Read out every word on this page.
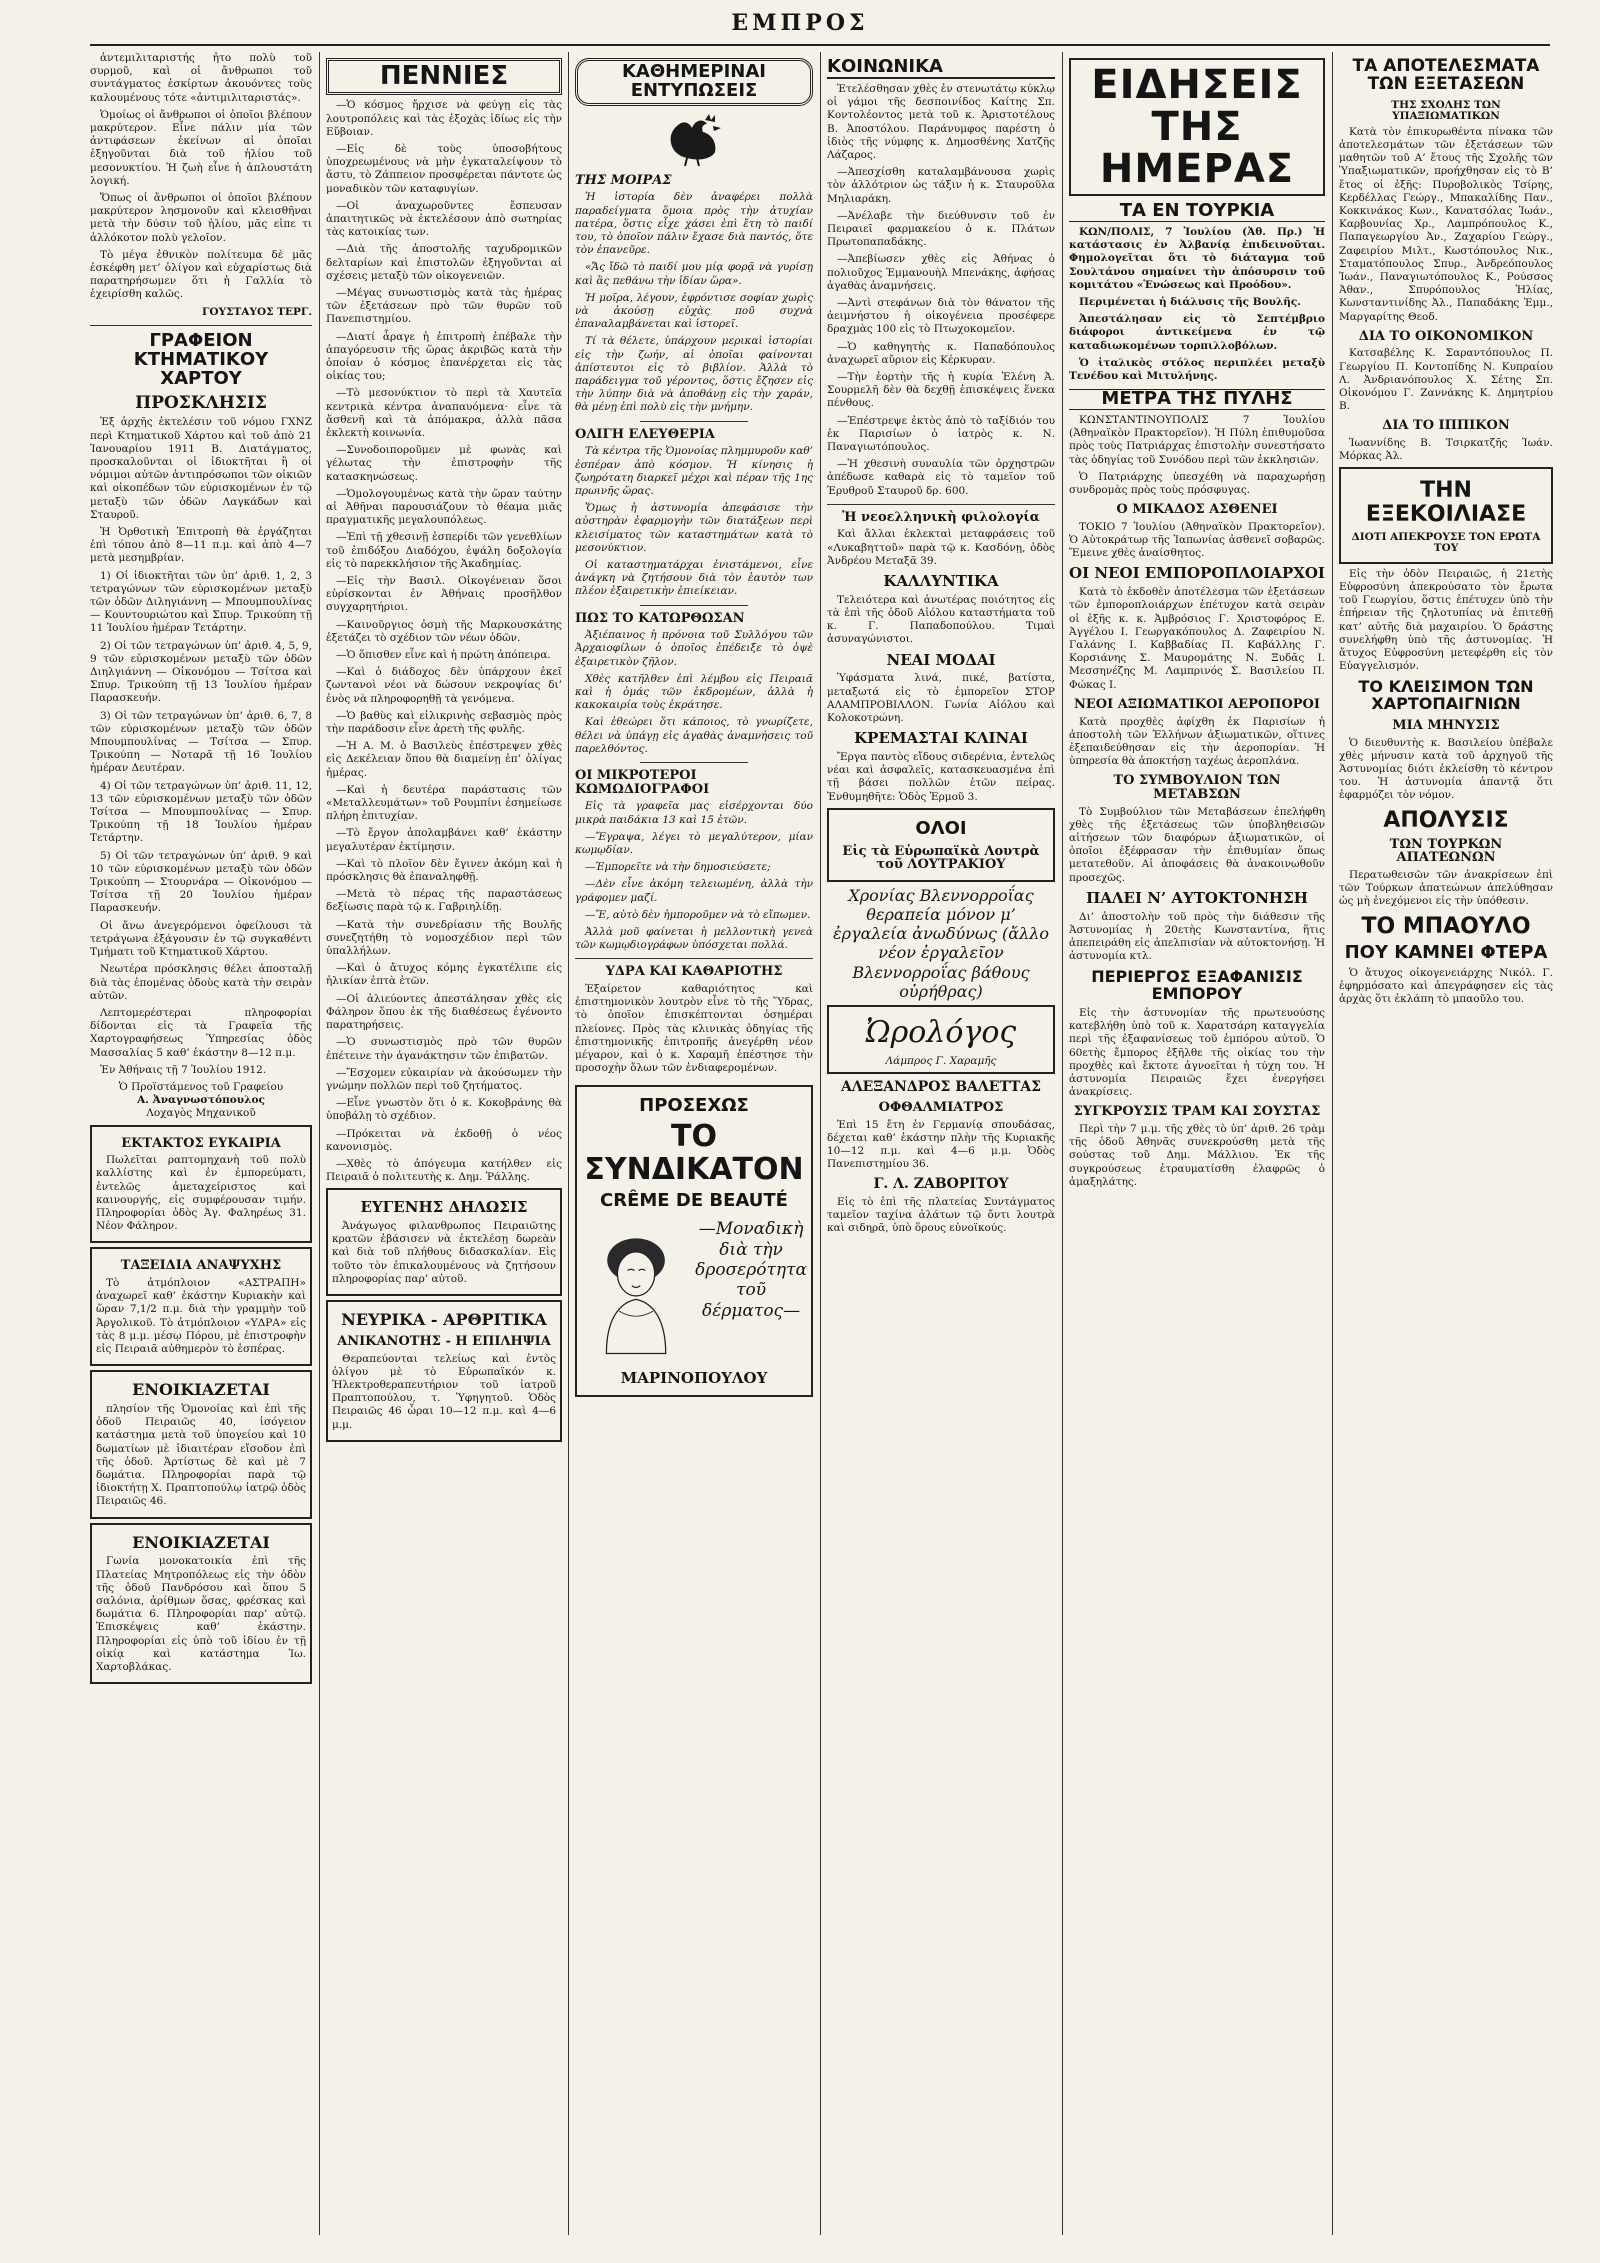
ΕΜΠΡΟΣ

ἀντεμιλιταριστής ἦτο πολὺ τοῦ συρμοῦ, καὶ οἱ ἄνθρωποι τοῦ συντάγματος ἐσκίρτων ἀκουόντες τοὺς καλουμένους τότε «ἀντιμιλιταριστάς».

Ὁμοίως οἱ ἄνθρωποι οἱ ὁποῖοι βλέπουν μακρύτερον. Εἶνε πάλιν μία τῶν ἀντιφάσεων ἐκείνων αἱ ὁποῖαι ἐξηγοῦνται διὰ τοῦ ἡλίου τοῦ μεσονυκτίου. Ἡ ζωὴ εἶνε ἡ ἀπλουστάτη λογική.

Ὅπως οἱ ἄνθρωποι οἱ ὁποῖοι βλέπουν μακρύτερον λησμονοῦν καὶ κλεισθῆναι μετὰ τὴν δύσιν τοῦ ἡλίου, μᾶς εἰπε τι ἀλλόκοτον πολὺ γελοῖον.

Τὸ μέγα ἐθνικὸν πολίτευμα δὲ μᾶς ἐσκέφθη μετ’ ὀλίγον καὶ εὐχαρίστως διὰ παρατηρήσωμεν ὅτι ἡ Γαλλία τὸ ἐχειρίσθη καλῶς.

ΓΟΥΣΤΑΥΟΣ ΤΕΡΓ.
ΓΡΑΦΕΙΟΝ ΚΤΗΜΑΤΙΚΟΥ ΧΑΡΤΟΥ
ΠΡΟΣΚΛΗΣΙΣ

Ἐξ ἀρχῆς ἐκτελέσιν τοῦ νόμου ΓΧΝΖ περὶ Κτηματικοῦ Χάρτου καὶ τοῦ ἀπὸ 21 Ἰανουαρίου 1911 Β. Διατάγματος, προσκαλοῦνται οἱ ἰδιοκτῆται ἢ οἱ νόμιμοι αὐτῶν ἀντιπρόσωποι τῶν οἰκιῶν καὶ οἰκοπέδων τῶν εὑρισκομένων ἐν τῷ μεταξὺ τῶν ὁδῶν Λαγκάδων καὶ Σταυροῦ.

Ἡ Ὀρθοτικὴ Ἐπιτροπὴ θὰ ἐργάζηται ἐπὶ τόπου ἀπὸ 8—11 π.μ. καὶ ἀπὸ 4—7 μετὰ μεσημβρίαν.

1) Οἱ ἰδιοκτῆται τῶν ὑπ’ ἀριθ. 1, 2, 3 τετραγώνων τῶν εὑρισκομένων μεταξὺ τῶν ὁδῶν Διληγιάννη — Μπουμπουλίνας — Κουντουριώτου καὶ Σπυρ. Τρικούπη τῇ 11 Ἰουλίου ἡμέραν Τετάρτην.

2) Οἱ τῶν τετραγώνων ὑπ’ ἀριθ. 4, 5, 9, 9 τῶν εὑρισκομένων μεταξὺ τῶν ὁδῶν Διηλγιάννη — Οἰκονόμου — Τσίτσα καὶ Σπυρ. Τρικούπη τῇ 13 Ἰουλίου ἡμέραν Παρασκευήν.

3) Οἱ τῶν τετραγώνων ὑπ’ ἀριθ. 6, 7, 8 τῶν εὑρισκομένων μεταξὺ τῶν ὁδῶν Μπουμπουλίνας — Τσίτσα — Σπυρ. Τρικούπη — Νοταρᾶ τῇ 16 Ἰουλίου ἡμέραν Δευτέραν.

4) Οἱ τῶν τετραγώνων ὑπ’ ἀριθ. 11, 12, 13 τῶν εὑρισκομένων μεταξὺ τῶν ὁδῶν Τσίτσα — Μπουμπουλίνας — Σπυρ. Τρικούπη τῇ 18 Ἰουλίου ἡμέραν Τετάρτην.

5) Οἱ τῶν τετραγώνων ὑπ’ ἀριθ. 9 καὶ 10 τῶν εὑρισκομένων μεταξὺ τῶν ὁδῶν Τρικούπη — Στουρνάρα — Οἰκονόμου — Τσίτσα τῇ 20 Ἰουλίου ἡμέραν Παρασκευήν.

Οἱ ἄνω ἀνεγερόμενοι ὀφείλουσι τὰ τετράγωνα ἐξάγουσιν ἐν τῷ συγκαθέντι Τμήματι τοῦ Κτηματικοῦ Χάρτου.

Νεωτέρα πρόσκλησις θέλει ἀποσταλῇ διὰ τὰς ἐπομένας ὁδοὺς κατὰ τὴν σειρὰν αὐτῶν.

Λεπτομερέστεραι πληροφορίαι δίδονται εἰς τὰ Γραφεῖα τῆς Χαρτογραφήσεως Ὑπηρεσίας ὁδὸς Μασσαλίας 5 καθ’ ἑκάστην 8—12 π.μ.

Ἐν Ἀθήναις τῇ 7 Ἰουλίου 1912.

Ὁ Προϊστάμενος τοῦ Γραφείου
Α. Ἀναγνωστόπουλος
Λοχαγὸς Μηχανικοῦ
ΕΚΤΑΚΤΟΣ ΕΥΚΑΙΡΙΑ

Πωλεῖται ραπτομηχανὴ τοῦ πολὺ καλλίστης καὶ ἐν ἐμπορεύματι, ἐντελῶς ἀμεταχείριστος καὶ καινουργής, εἰς συμφέρουσαν τιμήν. Πληροφορίαι ὁδὸς Ἀγ. Φαληρέως 31. Νέον Φάληρον.

ΤΑΞΕΙΔΙΑ ΑΝΑΨΥΧΗΣ

Τὸ ἀτμόπλοιον «ΑΣΤΡΑΠΗ» ἀναχωρεῖ καθ’ ἑκάστην Κυριακὴν καὶ ὥραν 7,1/2 π.μ. διὰ τὴν γραμμὴν τοῦ Ἀργολικοῦ. Τὸ ἀτμόπλοιον «ΥΔΡΑ» εἰς τὰς 8 μ.μ. μέσῳ Πόρου, μὲ ἐπιστροφὴν εἰς Πειραιᾶ αὐθημερὸν τὸ ἑσπέρας.

ΕΝΟΙΚΙΑΖΕΤΑΙ

πλησίον τῆς Ὁμονοίας καὶ ἐπὶ τῆς ὁδοῦ Πειραιῶς 40, ἰσόγειον κατάστημα μετὰ τοῦ ὑπογείου καὶ 10 δωματίων μὲ ἰδιαιτέραν εἴσοδον ἐπὶ τῆς ὁδοῦ. Ἀρτίστως δὲ καὶ μὲ 7 δωμάτια. Πληροφορίαι παρὰ τῷ ἰδιοκτήτῃ Χ. Πραπτοπούλῳ ἰατρῷ ὁδὸς Πειραιῶς 46.

ΕΝΟΙΚΙΑΖΕΤΑΙ

Γωνία μονοκατοικία ἐπὶ τῆς Πλατείας Μητροπόλεως εἰς τὴν ὁδὸν τῆς ὁδοῦ Πανδρόσου καὶ ὅπου 5 σαλόνια, ἀρίθμων ὅσας, φρέσκας καὶ δωμάτια 6. Πληροφορίαι παρ’ αὐτῷ. Ἐπισκέψεις καθ’ ἑκάστην. Πληροφορίαι εἰς ὑπὸ τοῦ ἰδίου ἐν τῇ οἰκίᾳ καὶ κατάστημα Ἰω. Χαρτοβλάκας.

ΠΕΝΝΙΕΣ

—Ὁ κόσμος ἤρχισε νὰ φεύγῃ εἰς τὰς λουτροπόλεις καὶ τὰς ἐξοχὰς ἰδίως εἰς τὴν Εὔβοιαν.

—Εἰς δὲ τοὺς ὑποσοβήτους ὑποχρεωμένους νὰ μὴν ἐγκαταλείψουν τὸ ἄστυ, τὸ Ζάππειον προσφέρεται πάντοτε ὡς μοναδικὸν τῶν καταφυγίων.

—Οἱ ἀναχωροῦντες ἔσπευσαν ἀπαιτητικῶς νὰ ἐκτελέσουν ἀπὸ σωτηρίας τὰς κατοικίας των.

—Διὰ τῆς ἀποστολῆς ταχυδρομικῶν δελταρίων καὶ ἐπιστολῶν ἐξηγοῦνται αἱ σχέσεις μεταξὺ τῶν οἰκογενειῶν.

—Μέγας συνωστισμὸς κατὰ τὰς ἡμέρας τῶν ἐξετάσεων πρὸ τῶν θυρῶν τοῦ Πανεπιστημίου.

—Διατί ἆραγε ἡ ἐπιτροπὴ ἐπέβαλε τὴν ἀπαγόρευσιν τῆς ὥρας ἀκριβῶς κατὰ τὴν ὁποίαν ὁ κόσμος ἐπανέρχεται εἰς τὰς οἰκίας του;

—Τὸ μεσονύκτιον τὸ περὶ τὰ Χαυτεῖα κεντρικὰ κέντρα ἀναπαυόμενα· εἶνε τὰ ἄσθενῆ καὶ τὰ ἀπόμακρα, ἀλλὰ πᾶσα ἐκλεκτὴ κοινωνία.

—Συνοδοιποροῦμεν μὲ φωνὰς καὶ γέλωτας τὴν ἐπιστροφὴν τῆς κατασκηνώσεως.

—Ὁμολογουμένως κατὰ τὴν ὥραν ταύτην αἱ Ἀθῆναι παρουσιάζουν τὸ θέαμα μιᾶς πραγματικῆς μεγαλουπόλεως.

—Ἐπὶ τῇ χθεσινῇ ἑσπερίδι τῶν γενεθλίων τοῦ ἐπιδόξου Διαδόχου, ἐψάλη δοξολογία εἰς τὸ παρεκκλήσιον τῆς Ἀκαδημίας.

—Εἰς τὴν Βασιλ. Οἰκογένειαν ὅσοι εὑρίσκονται ἐν Ἀθήναις προσῆλθον συγχαρητήριοι.

—Καινοῦργιος ὀσμὴ τῆς Μαρκουσκάτης ἐξετάζει τὸ σχέδιον τῶν νέων ὁδῶν.

—Ὁ ὅπισθεν εἶνε καὶ ἡ πρώτη ἀπόπειρα.

—Καὶ ὁ διάδοχος δὲν ὑπάρχουν ἐκεῖ ζωντανοὶ νέοι νὰ δώσουν νεκροψίας δι’ ἐνὸς νὰ πληροφορηθῇ τὰ γενόμενα.

—Ὁ βαθὺς καὶ εἰλικρινὴς σεβασμὸς πρὸς τὴν παράδοσιν εἶνε ἀρετὴ τῆς φυλῆς.

—Ἡ Α. Μ. ὁ Βασιλεὺς ἐπέστρεψεν χθὲς εἰς Δεκέλειαν ὅπου θὰ διαμείνῃ ἐπ’ ὀλίγας ἡμέρας.

—Καὶ ἡ δευτέρα παράστασις τῶν «Μεταλλευμάτων» τοῦ Ρουμπίνι ἐσημείωσε πλήρη ἐπιτυχίαν.

—Τὸ ἔργον ἀπολαμβάνει καθ’ ἑκάστην μεγαλυτέραν ἐκτίμησιν.

—Καὶ τὸ πλοῖον δὲν ἔγινεν ἀκόμη καὶ ἡ πρόσκλησις θὰ ἐπαναληφθῇ.

—Μετὰ τὸ πέρας τῆς παραστάσεως δεξίωσις παρὰ τῷ κ. Γαβριηλίδῃ.

—Κατὰ τὴν συνεδρίασιν τῆς Βουλῆς συνεζητήθη τὸ νομοσχέδιον περὶ τῶν ὑπαλλήλων.

—Καὶ ὁ ἄτυχος κόμης ἐγκατέλιπε εἰς ἡλικίαν ἑπτὰ ἐτῶν.

—Οἱ ἀλιεύοντες ἀπεστάλησαν χθὲς εἰς Φάληρον ὅπου ἐκ τῆς διαθέσεως ἐγένοντο παρατηρήσεις.

—Ὁ συνωστισμὸς πρὸ τῶν θυρῶν ἐπέτεινε τὴν ἀγανάκτησιν τῶν ἐπιβατῶν.

—Ἔσχομεν εὐκαιρίαν νὰ ἀκούσωμεν τὴν γνώμην πολλῶν περὶ τοῦ ζητήματος.

—Εἶνε γνωστὸν ὅτι ὁ κ. Κοκοβράνης θὰ ὑποβάλῃ τὸ σχέδιον.

—Πρόκειται νὰ ἐκδοθῇ ὁ νέος κανονισμὸς.

—Χθὲς τὸ ἀπόγευμα κατήλθεν εἰς Πειραιᾶ ὁ πολιτευτὴς κ. Δημ. Ῥάλλης.

ΕΥΓΕΝΗΣ ΔΗΛΩΣΙΣ

Ἀνάγωγος φιλανθρωπος Πειραιῶτης κρατῶν ἐβάσισεν νὰ ἐκτελέσῃ δωρεὰν καὶ διὰ τοῦ πλήθους διδασκαλίαν. Εἰς τοῦτο τὸν ἐπικαλουμένους νὰ ζητήσουν πληροφορίας παρ’ αὐτοῦ.

ΝΕΥΡΙΚΑ - ΑΡΘΡΙΤΙΚΑ
ΑΝΙΚΑΝΟΤΗΣ - Η ΕΠΙΛΗΨΙΑ

Θεραπεύονται τελείως καὶ ἐντὸς ὀλίγου μὲ τὸ Εὐρωπαϊκόν κ. Ἠλεκτροθεραπευτήριον τοῦ ἰατροῦ Πραπτοπούλου, τ. Ὑφηγητοῦ. Ὁδὸς Πειραιῶς 46 ὧραι 10—12 π.μ. καὶ 4—6 μ.μ.

ΚΑΘΗΜΕΡΙΝΑΙ ΕΝΤΥΠΩΣΕΙΣ
ΤΗΣ ΜΟΙΡΑΣ

Ἡ ἱστορία δὲν ἀναφέρει πολλὰ παραδείγματα ὅμοια πρὸς τὴν ἀτυχίαν πατέρα, ὅστις εἶχε χάσει ἐπὶ ἔτη τὸ παιδί του, τὸ ὁποῖον πάλιν ἔχασε διὰ παντός, ὅτε τὸν ἐπανεῦρε.

«Ἄς ἴδῶ τὸ παιδί μου μίᾳ φορᾷ νὰ γυρίσῃ καὶ ἂς πεθάνω τὴν ἰδίαν ὥρα».

Ἡ μοῖρα, λέγουν, ἐφρόντισε σοφίαν χωρὶς νὰ ἀκούσῃ εὐχὰς ποῦ συχνὰ ἐπαναλαμβάνεται καὶ ἱστορεῖ.

Τί τὰ θέλετε, ὑπάρχουν μερικαὶ ἱστορίαι εἰς τὴν ζωήν, αἱ ὁποῖαι φαίνονται ἀπίστευτοι εἰς τὸ βιβλίον. Ἀλλὰ τὸ παράδειγμα τοῦ γέροντος, ὅστις ἔζησεν εἰς τὴν λύπην διὰ νὰ ἀποθάνῃ εἰς τὴν χαράν, θὰ μένῃ ἐπὶ πολὺ εἰς τὴν μνήμην.

ΟΛΙΓΗ ΕΛΕΥΘΕΡΙΑ

Τὰ κέντρα τῆς Ὁμονοίας πλημμυροῦν καθ’ ἑσπέραν ἀπὸ κόσμον. Ἡ κίνησις ἡ ζωηρότατη διαρκεῖ μέχρι καὶ πέραν τῆς 1ης πρωινῆς ὥρας.

Ὅμως ἡ ἀστυνομία ἀπεφάσισε τὴν αὐστηρὰν ἐφαρμογὴν τῶν διατάξεων περὶ κλεισίματος τῶν καταστημάτων κατὰ τὸ μεσονύκτιον.

Οἱ καταστηματάρχαι ἐνιστάμενοι, εἶνε ἀνάγκη νὰ ζητήσουν διὰ τὸν ἑαυτὸν των πλέον ἐξαιρετικὴν ἐπιείκειαν.

ΠΩΣ ΤΟ ΚΑΤΩΡΘΩΣΑΝ

Ἀξιέπαινος ἡ πρόνοια τοῦ Συλλόγου τῶν Ἀρχαιοφίλων ὁ ὁποῖος ἐπέδειξε τὸ ὀψὲ ἐξαιρετικὸν ζῆλον.

Χθὲς κατῆλθεν ἐπὶ λέμβου εἰς Πειραιᾶ καὶ ἡ ὁμάς τῶν ἐκδρομέων, ἀλλὰ ἡ κακοκαιρία τοὺς ἐκράτησε.

Καὶ ἐθεώρει ὅτι κάποιος, τὸ γνωρίζετε, θέλει νὰ ὑπάγῃ εἰς ἀγαθὰς ἀναμνήσεις τοῦ παρελθόντος.

ΟΙ ΜΙΚΡΟΤΕΡΟΙ ΚΩΜΩΔΙΟΓΡΑΦΟΙ

Εἰς τὰ γραφεῖα μας εἰσέρχονται δύο μικρὰ παιδάκια 13 καὶ 15 ἐτῶν.

—Ἔγραψα, λέγει τὸ μεγαλύτερον, μίαν κωμῳδίαν.

—Ἐμπορεῖτε νὰ τὴν δημοσιεύσετε;

—Δὲν εἶνε ἀκόμη τελειωμένη, ἀλλὰ τὴν γράφομεν μαζί.

—Ἔ, αὐτὸ δὲν ἠμποροῦμεν νὰ τὸ εἴπωμεν.

Ἀλλὰ μοῦ φαίνεται ἡ μελλοντικὴ γενεὰ τῶν κωμῳδιογράφων ὑπόσχεται πολλά.

ΥΔΡΑ ΚΑΙ ΚΑΘΑΡΙΟΤΗΣ

Ἐξαίρετον καθαριότητος καὶ ἐπιστημονικὸν λουτρὸν εἶνε τὸ τῆς Ὕδρας, τὸ ὁποῖον ἐπισκέπτονται ὁσημέραι πλείονες. Πρὸς τὰς κλινικὰς ὁδηγίας τῆς ἐπιστημονικῆς ἐπιτροπῆς ἀνεγέρθη νέον μέγαρον, καὶ ὁ κ. Χαραμῆ ἐπέστησε τὴν προσοχὴν ὅλων τῶν ἐνδιαφερομένων.

ΠΡΟΣΕΧΩΣ
ΤΟ ΣΥΝΔΙΚΑΤΟΝ
CRÊME DE BEAUTÉ
—Μοναδικὴ διὰ τὴν δροσερότητα τοῦ δέρματος—
ΜΑΡΙΝΟΠΟΥΛΟΥ
ΚΟΙΝΩΝΙΚΑ

Ἐτελέσθησαν χθὲς ἐν στενωτάτῳ κύκλῳ οἱ γάμοι τῆς δεσποινίδος Καίτης Σπ. Κοντολέοντος μετὰ τοῦ κ. Ἀριστοτέλους Β. Ἀποστόλου. Παράνυμφος παρέστη ὁ ἰδιὸς τῆς νύμφης κ. Δημοσθένης Χατζῆς Λάζαρος.

—Ἀπεσχίσθη καταλαμβάνουσα χωρὶς τὸν ἀλλότριον ὡς τάξιν ἡ κ. Σταυροῦλα Μηλιαράκη.

—Ἀνέλαβε τὴν διεύθυνσιν τοῦ ἐν Πειραιεῖ φαρμακείου ὁ κ. Πλάτων Πρωτοπαπαδάκης.

—Ἀπεβίωσεν χθὲς εἰς Ἀθήνας ὁ πολιοῦχος Ἐμμανουὴλ Μπενάκης, ἀφήσας ἀγαθὰς ἀναμνήσεις.

—Ἀντὶ στεφάνων διὰ τὸν θάνατον τῆς ἀειμνήστου ἡ οἰκογένεια προσέφερε δραχμὰς 100 εἰς τὸ Πτωχοκομεῖον.

—Ὁ καθηγητὴς κ. Παπαδόπουλος ἀναχωρεῖ αὔριον εἰς Κέρκυραν.

—Τὴν ἑορτὴν τῆς ἡ κυρία Ἑλένη Ἀ. Σουρμελῆ δὲν θὰ δεχθῇ ἐπισκέψεις ἕνεκα πένθους.

—Ἐπέστρεψε ἐκτὸς ἀπὸ τὸ ταξίδιόν του ἐκ Παρισίων ὁ ἰατρὸς κ. Ν. Παναγιωτόπουλος.

—Ἡ χθεσινὴ συναυλία τῶν ὀρχηστρῶν ἀπέδωσε καθαρὰ εἰς τὸ ταμεῖον τοῦ Ἐρυθροῦ Σταυροῦ δρ. 600.

Ἡ νεοελληνικὴ φιλολογία

Καὶ ἄλλαι ἐκλεκταὶ μεταφράσεις τοῦ «Λυκαβηττοῦ» παρὰ τῷ κ. Κασδόνῃ, ὁδὸς Ἀνδρέου Μεταξᾶ 39.

ΚΑΛΛΥΝΤΙΚΑ

Τελειότερα καὶ ἀνωτέρας ποιότητος εἰς τὰ ἐπὶ τῆς ὁδοῦ Αἰόλου καταστήματα τοῦ κ. Γ. Παπαδοπούλου. Τιμαὶ ἀσυναγώνιστοι.

ΝΕΑΙ ΜΟΔΑΙ

Ὑφάσματα λινά, πικέ, βατίστα, μεταξωτά εἰς τὸ ἐμπορεῖον ΣΤΟΡ ΑΛΑΜΠΡΟΒΙΛΛΟΝ. Γωνία Αἰόλου καὶ Κολοκοτρώνη.

ΚΡΕΜΑΣΤΑΙ ΚΛΙΝΑΙ

Ἔργα παντὸς εἴδους σιδερένια, ἐντελῶς νέαι καὶ ἀσφαλεῖς, κατασκευασμένα ἐπὶ τῇ βάσει πολλῶν ἐτῶν πείρας. Ἐνθυμηθῆτε: Ὁδὸς Ἑρμοῦ 3.

ΟΛΟΙ
Εἰς τὰ Εὐρωπαϊκὰ Λουτρὰ τοῦ ΛΟΥΤΡΑΚΙΟΥ
Χρονίας Βλεννορροΐας θεραπεία μόνον μ’ ἐργαλεία ἀνωδύνως (ἄλλο νέον ἐργαλεῖον Βλεννορροΐας βάθους οὐρήθρας)
Ὠρολόγος
Λάμπρος Γ. Χαραμῆς
ΑΛΕΞΑΝΔΡΟΣ ΒΑΛΕΤΤΑΣ
ΟΦΘΑΛΜΙΑΤΡΟΣ

Ἐπὶ 15 ἔτη ἐν Γερμανίᾳ σπουδάσας, δέχεται καθ’ ἑκάστην πλὴν τῆς Κυριακῆς 10—12 π.μ. καὶ 4—6 μ.μ. Ὁδὸς Πανεπιστημίου 36.

Γ. Λ. ΖΑΒΟΡΙΤΟΥ

Εἰς τὸ ἐπὶ τῆς πλατείας Συντάγματος ταμεῖον ταχίνα ἀλάτων τῷ ὄντι λουτρὰ καὶ σιδηρᾶ, ὑπὸ ὅρους εὐνοϊκούς.

ΕΙΔΗΣΕΙΣ ΤΗΣ ΗΜΕΡΑΣ
ΤΑ ΕΝ ΤΟΥΡΚΙΑ

ΚΩΝ/ΠΟΛΙΣ, 7 Ἰουλίου (Ἀθ. Πρ.) Ἡ κατάστασις ἐν Ἀλβανίᾳ ἐπιδεινοῦται. Φημολογεῖται ὅτι τὸ διάταγμα τοῦ Σουλτάνου σημαίνει τὴν ἀπόσυρσιν τοῦ κομιτάτου «Ἑνώσεως καὶ Προόδου».

Περιμένεται ἡ διάλυσις τῆς Βουλῆς.

Ἀπεστάλησαν εἰς τὸ Σεπτέμβριο διάφοροι ἀντικείμενα ἐν τῷ καταδιωκομένων τορπιλλοβόλων.

Ὁ ἰταλικὸς στόλος περιπλέει μεταξὺ Τενέδου καὶ Μιτυλήνης.

ΜΕΤΡΑ ΤΗΣ ΠΥΛΗΣ

ΚΩΝΣΤΑΝΤΙΝΟΥΠΟΛΙΣ 7 Ἰουλίου (Ἀθηναϊκὸν Πρακτορεῖον). Ἡ Πύλη ἐπιθυμοῦσα πρὸς τοὺς Πατριάρχας ἐπιστολὴν συνεστήσατο τὰς ὁδηγίας τοῦ Συνόδου περὶ τῶν ἐκκλησιῶν.

Ὁ Πατριάρχης ὑπεσχέθη νὰ παραχωρήσῃ συνδρομὰς πρὸς τοὺς πρόσφυγας.

Ο ΜΙΚΑΔΟΣ ΑΣΘΕΝΕΙ

ΤΟΚΙΟ 7 Ἰουλίου (Ἀθηναϊκὸν Πρακτορεῖον). Ὁ Αὐτοκράτωρ τῆς Ἰαπωνίας ἀσθενεῖ σοβαρῶς. Ἔμεινε χθὲς ἀναίσθητος.

ΟΙ ΝΕΟΙ ΕΜΠΟΡΟΠΛΟΙΑΡΧΟΙ

Κατὰ τὸ ἐκδοθὲν ἀποτέλεσμα τῶν ἐξετάσεων τῶν ἐμποροπλοιάρχων ἐπέτυχον κατὰ σειρὰν οἱ ἑξῆς κ. κ. Ἀμβρόσιος Γ. Χριστοφόρος Ε. Ἀγγέλου Ι. Γεωργακόπουλος Δ. Ζαφειρίου Ν. Γαλάνης Ι. Καββαδίας Π. Καβάλλης Γ. Κορσιάνης Σ. Μαυρομάτης Ν. Ξυδᾶς Ι. Μεσσηνέζης Μ. Λαμπρινός Σ. Βασιλείου Π. Φώκας Ι.

ΝΕΟΙ ΑΞΙΩΜΑΤΙΚΟΙ ΑΕΡΟΠΟΡΟΙ

Κατὰ προχθὲς ἀφίχθη ἐκ Παρισίων ἡ ἀποστολὴ τῶν Ἑλλήνων ἀξιωματικῶν, οἵτινες ἐξεπαιδεύθησαν εἰς τὴν ἀεροπορίαν. Ἡ ὑπηρεσία θὰ ἀποκτήσῃ ταχέως ἀεροπλάνα.

ΤΟ ΣΥΜΒΟΥΛΙΟΝ ΤΩΝ ΜΕΤΑΒΣΩΝ

Τὸ Συμβούλιον τῶν Μεταβάσεων ἐπελήφθη χθὲς τῆς ἐξετάσεως τῶν ὑποβληθεισῶν αἰτήσεων τῶν διαφόρων ἀξιωματικῶν, οἱ ὁποῖοι ἐξέφρασαν τὴν ἐπιθυμίαν ὅπως μετατεθοῦν. Αἱ ἀποφάσεις θὰ ἀνακοινωθοῦν προσεχῶς.

ΠΑΛΕΙ Ν’ ΑΥΤΟΚΤΟΝΗΣΗ

Δι’ ἀποστολὴν τοῦ πρὸς τὴν διάθεσιν τῆς Ἀστυνομίας ἡ 20ετὴς Κωνσταντίνα, ἥτις ἀπεπειράθη εἰς ἀπελπισίαν νὰ αὐτοκτονήσῃ. Ἡ ἀστυνομία κτλ.

ΠΕΡΙΕΡΓΟΣ ΕΞΑΦΑΝΙΣΙΣ ΕΜΠΟΡΟΥ

Εἰς τὴν ἀστυνομίαν τῆς πρωτευούσης κατεβλήθη ὑπὸ τοῦ κ. Χαρατσάρη καταγγελία περὶ τῆς ἐξαφανίσεως τοῦ ἐμπόρου αὐτοῦ. Ὁ 60ετὴς ἔμπορος ἐξῆλθε τῆς οἰκίας του τὴν προχθὲς καὶ ἔκτοτε ἀγνοεῖται ἡ τύχη του. Ἡ ἀστυνομία Πειραιῶς ἔχει ἐνεργήσει ἀνακρίσεις.

ΣΥΓΚΡΟΥΣΙΣ ΤΡΑΜ ΚΑΙ ΣΟΥΣΤΑΣ

Περὶ τὴν 7 μ.μ. τῆς χθὲς τὸ ὑπ’ ἀριθ. 26 τρὰμ τῆς ὁδοῦ Ἀθηνᾶς συνεκρούσθη μετὰ τῆς σούστας τοῦ Δημ. Μάλλιου. Ἐκ τῆς συγκρούσεως ἐτραυματίσθη ἐλαφρῶς ὁ ἀμαξηλάτης.

ΤΑ ΑΠΟΤΕΛΕΣΜΑΤΑ ΤΩΝ ΕΞΕΤΑΣΕΩΝ
ΤΗΣ ΣΧΟΛΗΣ ΤΩΝ ΥΠΑΞΙΩΜΑΤΙΚΩΝ

Κατὰ τὸν ἐπικυρωθέντα πίνακα τῶν ἀποτελεσμάτων τῶν ἐξετάσεων τῶν μαθητῶν τοῦ Α’ ἔτους τῆς Σχολῆς τῶν Ὑπαξιωματικῶν, προήχθησαν εἰς τὸ Β’ ἔτος οἱ ἑξῆς: Πυροβολικὸς Τσίρης, Κερδέλλας Γεώργ., Μπακαλίδης Παν., Κοκκινάκος Κων., Κανατσόλας Ἰωάν., Καρβουνίας Χρ., Λαμπρόπουλος Κ., Παπαγεωργίου Ἀν., Ζαχαρίου Γεώργ., Ζαφειρίου Μιλτ., Κωστόπουλος Νικ., Σταματόπουλος Σπυρ., Ἀνδρεόπουλος Ἰωάν., Παναγιωτόπουλος Κ., Ρούσσος Ἀθαν., Σπυρόπουλος Ἠλίας, Κωνσταντινίδης Ἀλ., Παπαδάκης Ἐμμ., Μαργαρίτης Θεοδ.

ΔΙΑ ΤΟ ΟΙΚΟΝΟΜΙΚΟΝ

Κατσαβέλης Κ. Σαραντόπουλος Π. Γεωργίου Π. Κοντοπίδης Ν. Κυπραίου Λ. Ἀνδριανόπουλος Χ. Σέτης Σπ. Οἰκονόμου Γ. Ζαννάκης Κ. Δημητρίου Β.

ΔΙΑ ΤΟ ΙΠΠΙΚΟΝ

Ἰωαννίδης Β. Τσιρκατζῆς Ἰωάν. Μόρκας Ἀλ.

ΤΗΝ ΕΞΕΚΟΙΛΙΑΣΕ
ΔΙΟΤΙ ΑΠΕΚΡΟΥΣΕ ΤΟΝ ΕΡΩΤΑ ΤΟΥ

Εἰς τὴν ὁδὸν Πειραιῶς, ἡ 21ετὴς Εὐφροσύνη ἀπεκρούσατο τὸν ἔρωτα τοῦ Γεωργίου, ὅστις ἐπέτυχεν ὑπὸ τὴν ἐπήρειαν τῆς ζηλοτυπίας νὰ ἐπιτεθῇ κατ’ αὐτῆς διὰ μαχαιρίου. Ὁ δράστης συνελήφθη ὑπὸ τῆς ἀστυνομίας. Ἡ ἄτυχος Εὐφροσύνη μετεφέρθη εἰς τὸν Εὐαγγελισμόν.

ΤΟ ΚΛΕΙΣΙΜΟΝ ΤΩΝ ΧΑΡΤΟΠΑΙΓΝΙΩΝ
ΜΙΑ ΜΗΝΥΣΙΣ

Ὁ διευθυντὴς κ. Βασιλείου ὑπέβαλε χθὲς μήνυσιν κατὰ τοῦ ἀρχηγοῦ τῆς Ἀστυνομίας διότι ἐκλείσθη τὸ κέντρον του. Ἡ ἀστυνομία ἀπαντᾷ ὅτι ἐφαρμόζει τὸν νόμον.

ΑΠΟΛΥΣΙΣ
ΤΩΝ ΤΟΥΡΚΩΝ ΑΠΑΤΕΩΝΩΝ

Περατωθεισῶν τῶν ἀνακρίσεων ἐπὶ τῶν Τούρκων ἀπατεώνων ἀπελύθησαν ὡς μὴ ἐνεχόμενοι εἰς τὴν ὑπόθεσιν.

ΤΟ ΜΠΑΟΥΛΟ
ΠΟΥ ΚΑΜΝΕΙ ΦΤΕΡΑ

Ὁ ἄτυχος οἰκογενειάρχης Νικόλ. Γ. ἐφηρμόσατο καὶ ἀπεγράφησεν εἰς τὰς ἀρχὰς ὅτι ἐκλάπη τὸ μπαοῦλο του.
